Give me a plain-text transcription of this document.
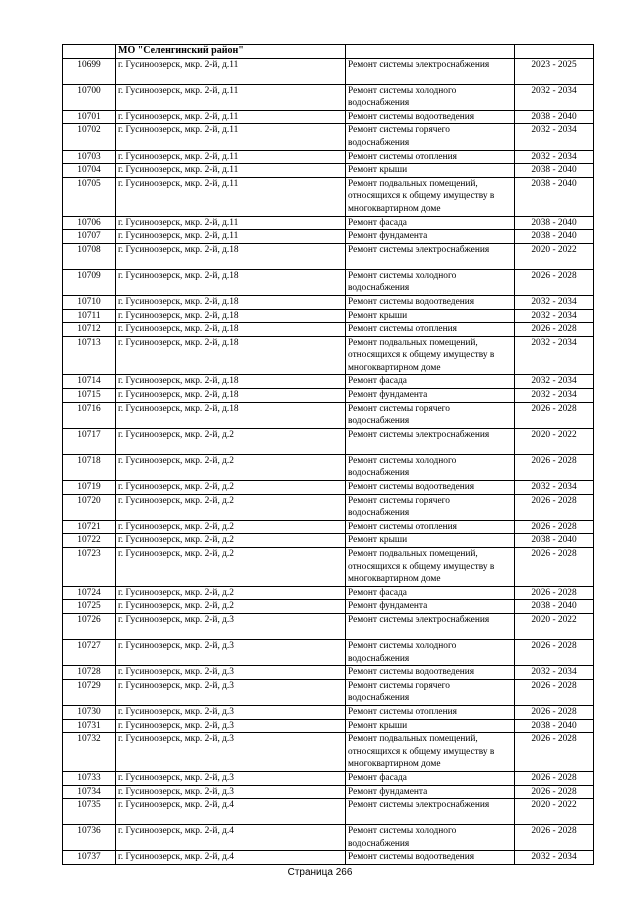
	МО "Селенгинский район"		
10699	г. Гусиноозерск, мкр. 2-й, д.11	Ремонт системы электроснабжения	2023 - 2025
10700	г. Гусиноозерск, мкр. 2-й, д.11	Ремонт системы холодного водоснабжения	2032 - 2034
10701	г. Гусиноозерск, мкр. 2-й, д.11	Ремонт системы водоотведения	2038 - 2040
10702	г. Гусиноозерск, мкр. 2-й, д.11	Ремонт системы горячего водоснабжения	2032 - 2034
10703	г. Гусиноозерск, мкр. 2-й, д.11	Ремонт системы отопления	2032 - 2034
10704	г. Гусиноозерск, мкр. 2-й, д.11	Ремонт крыши	2038 - 2040
10705	г. Гусиноозерск, мкр. 2-й, д.11	Ремонт подвальных помещений, относящихся к общему имуществу в многоквартирном доме	2038 - 2040
10706	г. Гусиноозерск, мкр. 2-й, д.11	Ремонт фасада	2038 - 2040
10707	г. Гусиноозерск, мкр. 2-й, д.11	Ремонт фундамента	2038 - 2040
10708	г. Гусиноозерск, мкр. 2-й, д.18	Ремонт системы электроснабжения	2020 - 2022
10709	г. Гусиноозерск, мкр. 2-й, д.18	Ремонт системы холодного водоснабжения	2026 - 2028
10710	г. Гусиноозерск, мкр. 2-й, д.18	Ремонт системы водоотведения	2032 - 2034
10711	г. Гусиноозерск, мкр. 2-й, д.18	Ремонт крыши	2032 - 2034
10712	г. Гусиноозерск, мкр. 2-й, д.18	Ремонт системы отопления	2026 - 2028
10713	г. Гусиноозерск, мкр. 2-й, д.18	Ремонт подвальных помещений, относящихся к общему имуществу в многоквартирном доме	2032 - 2034
10714	г. Гусиноозерск, мкр. 2-й, д.18	Ремонт фасада	2032 - 2034
10715	г. Гусиноозерск, мкр. 2-й, д.18	Ремонт фундамента	2032 - 2034
10716	г. Гусиноозерск, мкр. 2-й, д.18	Ремонт системы горячего водоснабжения	2026 - 2028
10717	г. Гусиноозерск, мкр. 2-й, д.2	Ремонт системы электроснабжения	2020 - 2022
10718	г. Гусиноозерск, мкр. 2-й, д.2	Ремонт системы холодного водоснабжения	2026 - 2028
10719	г. Гусиноозерск, мкр. 2-й, д.2	Ремонт системы водоотведения	2032 - 2034
10720	г. Гусиноозерск, мкр. 2-й, д.2	Ремонт системы горячего водоснабжения	2026 - 2028
10721	г. Гусиноозерск, мкр. 2-й, д.2	Ремонт системы отопления	2026 - 2028
10722	г. Гусиноозерск, мкр. 2-й, д.2	Ремонт крыши	2038 - 2040
10723	г. Гусиноозерск, мкр. 2-й, д.2	Ремонт подвальных помещений, относящихся к общему имуществу в многоквартирном доме	2026 - 2028
10724	г. Гусиноозерск, мкр. 2-й, д.2	Ремонт фасада	2026 - 2028
10725	г. Гусиноозерск, мкр. 2-й, д.2	Ремонт фундамента	2038 - 2040
10726	г. Гусиноозерск, мкр. 2-й, д.3	Ремонт системы электроснабжения	2020 - 2022
10727	г. Гусиноозерск, мкр. 2-й, д.3	Ремонт системы холодного водоснабжения	2026 - 2028
10728	г. Гусиноозерск, мкр. 2-й, д.3	Ремонт системы водоотведения	2032 - 2034
10729	г. Гусиноозерск, мкр. 2-й, д.3	Ремонт системы горячего водоснабжения	2026 - 2028
10730	г. Гусиноозерск, мкр. 2-й, д.3	Ремонт системы отопления	2026 - 2028
10731	г. Гусиноозерск, мкр. 2-й, д.3	Ремонт крыши	2038 - 2040
10732	г. Гусиноозерск, мкр. 2-й, д.3	Ремонт подвальных помещений, относящихся к общему имуществу в многоквартирном доме	2026 - 2028
10733	г. Гусиноозерск, мкр. 2-й, д.3	Ремонт фасада	2026 - 2028
10734	г. Гусиноозерск, мкр. 2-й, д.3	Ремонт фундамента	2026 - 2028
10735	г. Гусиноозерск, мкр. 2-й, д.4	Ремонт системы электроснабжения	2020 - 2022
10736	г. Гусиноозерск, мкр. 2-й, д.4	Ремонт системы холодного водоснабжения	2026 - 2028
10737	г. Гусиноозерск, мкр. 2-й, д.4	Ремонт системы водоотведения	2032 - 2034
Страница 266
